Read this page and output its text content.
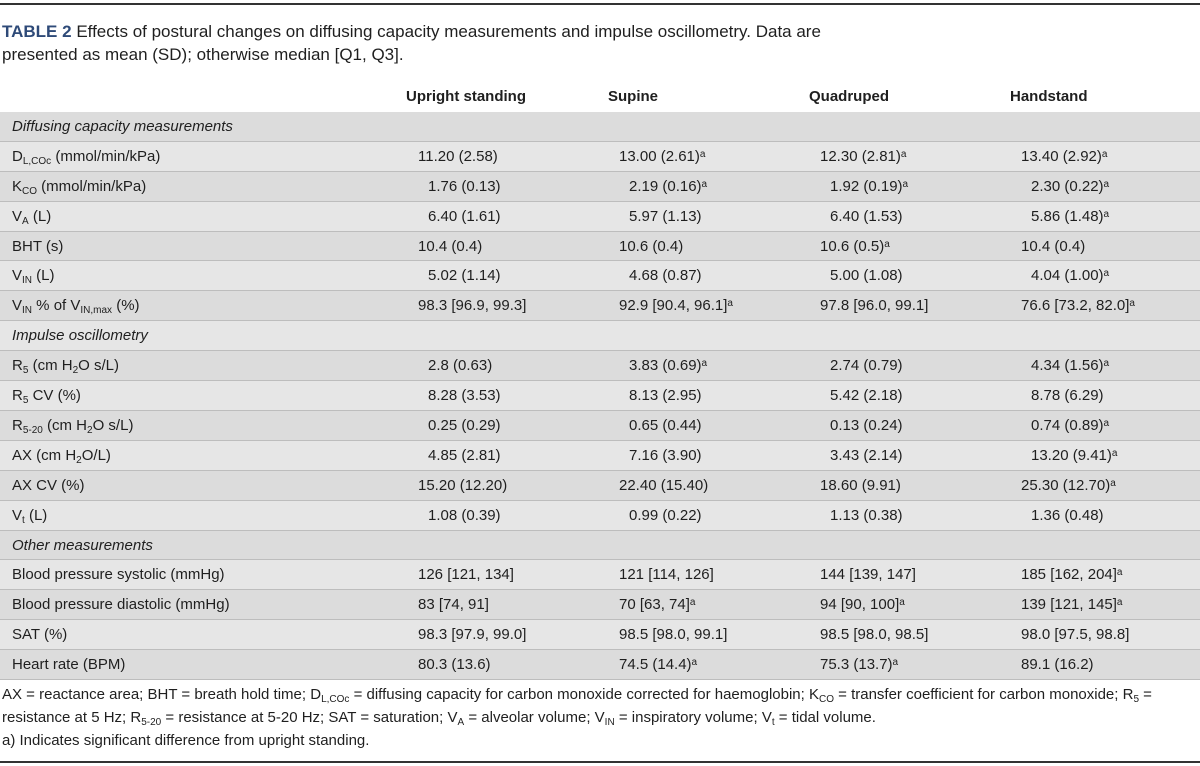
TABLE 2 Effects of postural changes on diffusing capacity measurements and impulse oscillometry. Data are presented as mean (SD); otherwise median [Q1, Q3].
Upright standing	Supine	Quadruped	Handstand
Diffusing capacity measurements
$D_{L,COc}$ (mmol/min/kPa)	11.20 (2.58)	13.00 $(2.61)^a$	12.30 $(2.81)^a$	13.40 $(2.92)^a$
$K_{CO}$ (mmol/min/kPa)	1.76 (0.13)	2.19 $(0.16)^a$	1.92 $(0.19)^a$	2.30 $(0.22)^a$
$V_A$ (L)	6.40 (1.61)	5.97 (1.13)	6.40 (1.53)	5.86 $(1.48)^a$
BHT (s)	10.4 (0.4)	10.6 (0.4)	10.6 $(0.5)^a$	10.4 (0.4)
$V_{IN}$ (L)	5.02 (1.14)	4.68 (0.87)	5.00 (1.08)	4.04 $(1.00)^a$
$V_{IN}$ % of $V_{IN,max}$ (%)	98.3 [96.9, 99.3]	92.9 [90.4, 96.1]$^a$	97.8 [96.0, 99.1]	76.6 [73.2, 82.0]$^a$
Impulse oscillometry
$R_5$ (cm $H_2O$ s/L)	2.8 (0.63)	3.83 $(0.69)^a$	2.74 (0.79)	4.34 $(1.56)^a$
$R_5$ CV (%)	8.28 (3.53)	8.13 (2.95)	5.42 (2.18)	8.78 (6.29)
$R_{5-20}$ (cm $H_2O$ s/L)	0.25 (0.29)	0.65 (0.44)	0.13 (0.24)	0.74 $(0.89)^a$
AX (cm $H_2O/L$)	4.85 (2.81)	7.16 (3.90)	3.43 (2.14)	13.20 $(9.41)^a$
AX CV (%)	15.20 (12.20)	22.40 (15.40)	18.60 (9.91)	25.30 $(12.70)^a$
$V_t$ (L)	1.08 (0.39)	0.99 (0.22)	1.13 (0.38)	1.36 (0.48)
Other measurements
Blood pressure systolic (mmHg)	126 [121, 134]	121 [114, 126]	144 [139, 147]	185 [162, 204]$^a$
Blood pressure diastolic (mmHg)	83 [74, 91]	70 [63, 74]$^a$	94 [90, 100]$^a$	139 [121, 145]$^a$
SAT (%)	98.3 [97.9, 99.0]	98.5 [98.0, 99.1]	98.5 [98.0, 98.5]	98.0 [97.5, 98.8]
Heart rate (BPM)	80.3 (13.6)	74.5 $(14.4)^a$	75.3 $(13.7)^a$	89.1 (16.2)
AX = reactance area; BHT = breath hold time; $D_{L,COc}$ = diffusing capacity for carbon monoxide corrected for haemoglobin; $K_{CO}$ = transfer coefficient for carbon monoxide; $R_5$ = resistance at 5 Hz; $R_{5-20}$ = resistance at 5-20 Hz; SAT = saturation; $V_A$ = alveolar volume; $V_{IN}$ = inspiratory volume; $V_t$ = tidal volume.
a) Indicates significant difference from upright standing.
